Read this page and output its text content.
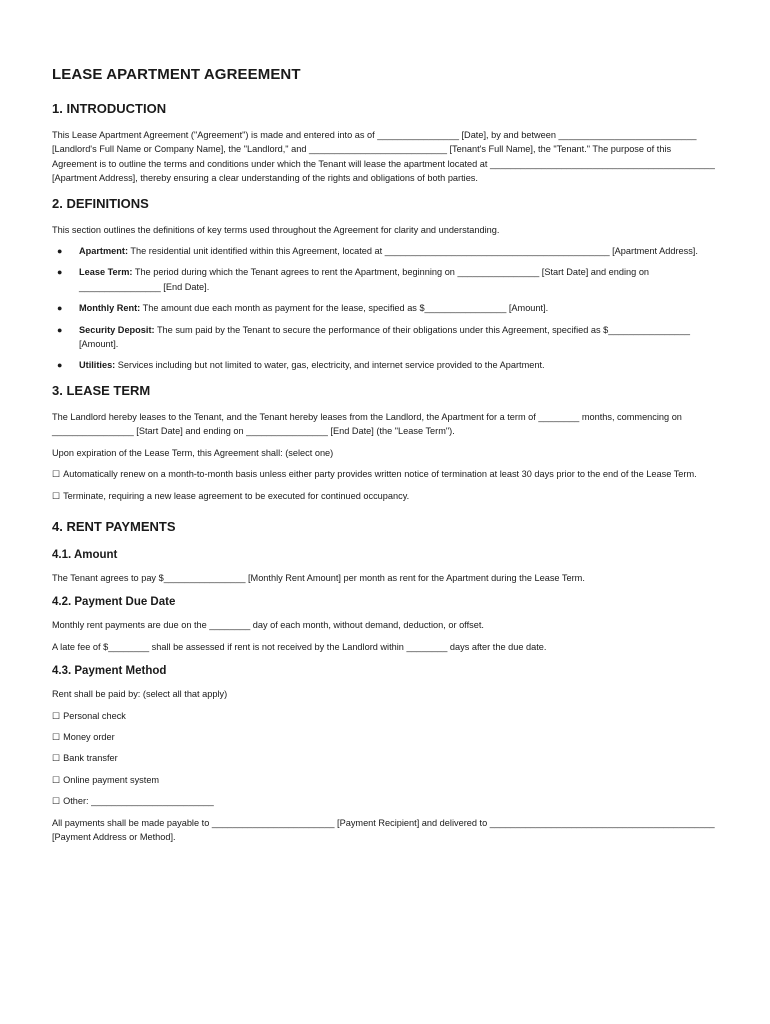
LEASE APARTMENT AGREEMENT
1. INTRODUCTION

This Lease Apartment Agreement ("Agreement") is made and entered into as of ________________ [Date], by and between ___________________________ [Landlord's Full Name or Company Name], the "Landlord," and ___________________________ [Tenant's Full Name], the "Tenant." The purpose of this Agreement is to outline the terms and conditions under which the Tenant will lease the apartment located at ____________________________________________ [Apartment Address], thereby ensuring a clear understanding of the rights and obligations of both parties.

2. DEFINITIONS

This section outlines the definitions of key terms used throughout the Agreement for clarity and understanding.

● Apartment: The residential unit identified within this Agreement, located at ____________________________________________ [Apartment Address].
● Lease Term: The period during which the Tenant agrees to rent the Apartment, beginning on ________________ [Start Date] and ending on ________________ [End Date].
● Monthly Rent: The amount due each month as payment for the lease, specified as $________________ [Amount].
● Security Deposit: The sum paid by the Tenant to secure the performance of their obligations under this Agreement, specified as $________________ [Amount].
● Utilities: Services including but not limited to water, gas, electricity, and internet service provided to the Apartment.
3. LEASE TERM

The Landlord hereby leases to the Tenant, and the Tenant hereby leases from the Landlord, the Apartment for a term of ________ months, commencing on ________________ [Start Date] and ending on ________________ [End Date] (the "Lease Term").

Upon expiration of the Lease Term, this Agreement shall: (select one)

☐ Automatically renew on a month-to-month basis unless either party provides written notice of termination at least 30 days prior to the end of the Lease Term.
☐ Terminate, requiring a new lease agreement to be executed for continued occupancy.
4. RENT PAYMENTS
4.1. Amount

The Tenant agrees to pay $________________ [Monthly Rent Amount] per month as rent for the Apartment during the Lease Term.

4.2. Payment Due Date

Monthly rent payments are due on the ________ day of each month, without demand, deduction, or offset.

A late fee of $________ shall be assessed if rent is not received by the Landlord within ________ days after the due date.

4.3. Payment Method

Rent shall be paid by: (select all that apply)

☐ Personal check
☐ Money order
☐ Bank transfer
☐ Online payment system
☐ Other: ________________________

All payments shall be made payable to ________________________ [Payment Recipient] and delivered to ____________________________________________ [Payment Address or Method].
